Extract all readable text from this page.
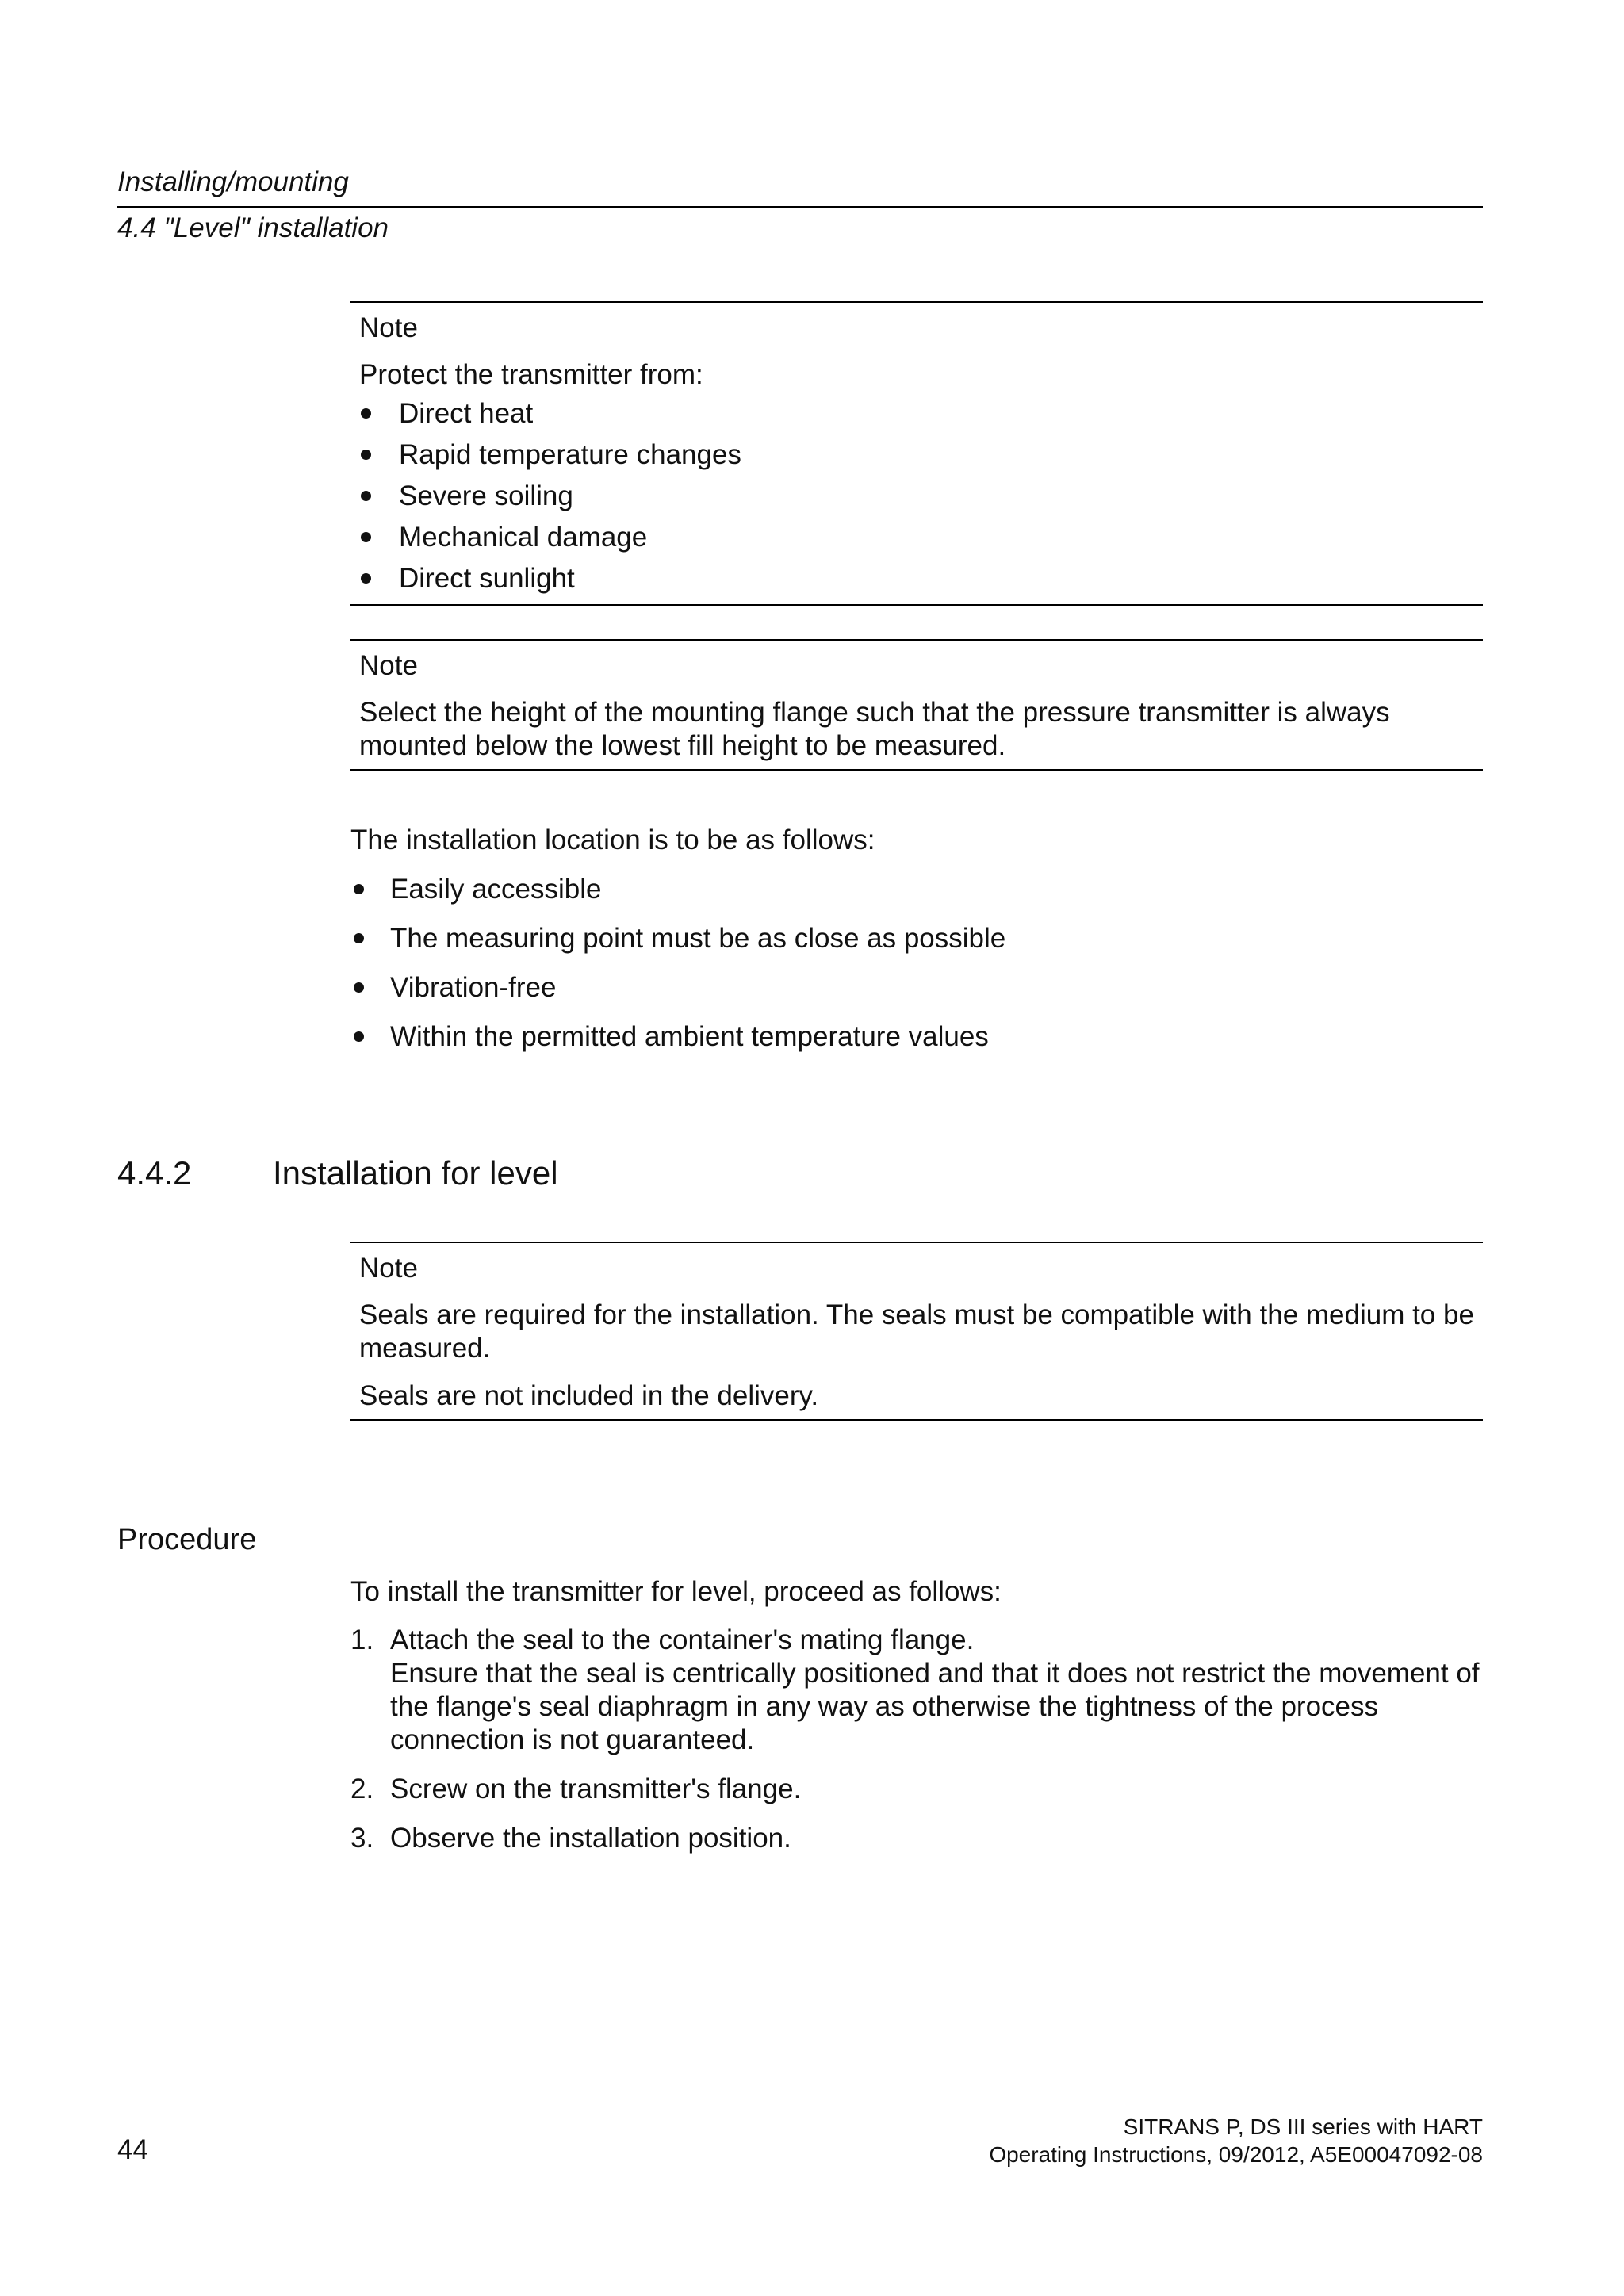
Installing/mounting
4.4 "Level" installation
Note

Protect the transmitter from:

Direct heat
Rapid temperature changes
Severe soiling
Mechanical damage
Direct sunlight
Note

Select the height of the mounting flange such that the pressure transmitter is always mounted below the lowest fill height to be measured.

The installation location is to be as follows:
Easily accessible
The measuring point must be as close as possible
Vibration-free
Within the permitted ambient temperature values
4.4.2 Installation for level
Note

Seals are required for the installation. The seals must be compatible with the medium to be measured.

Seals are not included in the delivery.

Procedure
To install the transmitter for level, proceed as follows:
1. Attach the seal to the container's mating flange.
Ensure that the seal is centrically positioned and that it does not restrict the movement of the flange's seal diaphragm in any way as otherwise the tightness of the process connection is not guaranteed.
2. Screw on the transmitter's flange.
3. Observe the installation position.
44
SITRANS P, DS III series with HART
Operating Instructions, 09/2012, A5E00047092-08
